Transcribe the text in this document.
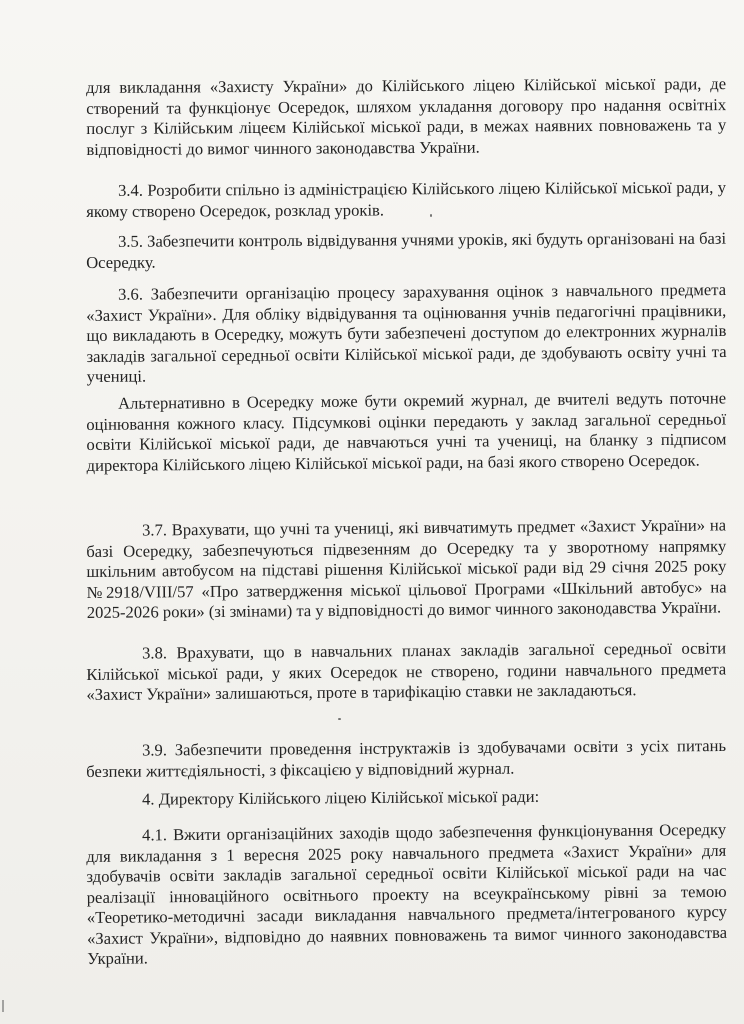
для викладання «Захисту України» до Кілійського ліцею Кілійської міської ради, де створений та функціонує Осередок, шляхом укладання договору про надання освітніх послуг з Кілійським ліцеєм Кілійської міської ради, в межах наявних повноважень та у відповідності до вимог чинного законодавства України.

3.4. Розробити спільно із адміністрацією Кілійського ліцею Кілійської міської ради, у якому створено Осередок, розклад уроків.

3.5. Забезпечити контроль відвідування учнями уроків, які будуть організовані на базі Осередку.

3.6. Забезпечити організацію процесу зарахування оцінок з навчального предмета «Захист України». Для обліку відвідування та оцінювання учнів педагогічні працівники, що викладають в Осередку, можуть бути забезпечені доступом до електронних журналів закладів загальної середньої освіти Кілійської міської ради, де здобувають освіту учні та учениці.

Альтернативно в Осередку може бути окремий журнал, де вчителі ведуть поточне оцінювання кожного класу. Підсумкові оцінки передають у заклад загальної середньої освіти Кілійської міської ради, де навчаються учні та учениці, на бланку з підписом директора Кілійського ліцею Кілійської міської ради, на базі якого створено Осередок.

3.7. Врахувати, що учні та учениці, які вивчатимуть предмет «Захист України» на базі Осередку, забезпечуються підвезенням до Осередку та у зворотному напрямку шкільним автобусом на підставі рішення Кілійської міської ради від 29 січня 2025 року №2918/VIII/57 «Про затвердження міської цільової Програми «Шкільний автобус» на 2025-2026 роки» (зі змінами) та у відповідності до вимог чинного законодавства України.

3.8. Врахувати, що в навчальних планах закладів загальної середньої освіти Кілійської міської ради, у яких Осередок не створено, години навчального предмета «Захист України» залишаються, проте в тарифікацію ставки не закладаються.

3.9. Забезпечити проведення інструктажів із здобувачами освіти з усіх питань безпеки життєдіяльності, з фіксацією у відповідний журнал.

4. Директору Кілійського ліцею Кілійської міської ради:

4.1. Вжити організаційних заходів щодо забезпечення функціонування Осередку для викладання з 1 вересня 2025 року навчального предмета «Захист України» для здобувачів освіти закладів загальної середньої освіти Кілійської міської ради на час реалізації інноваційного освітнього проекту на всеукраїнському рівні за темою «Теоретико-методичні засади викладання навчального предмета/інтегрованого курсу «Захист України», відповідно до наявних повноважень та вимог чинного законодавства України.
